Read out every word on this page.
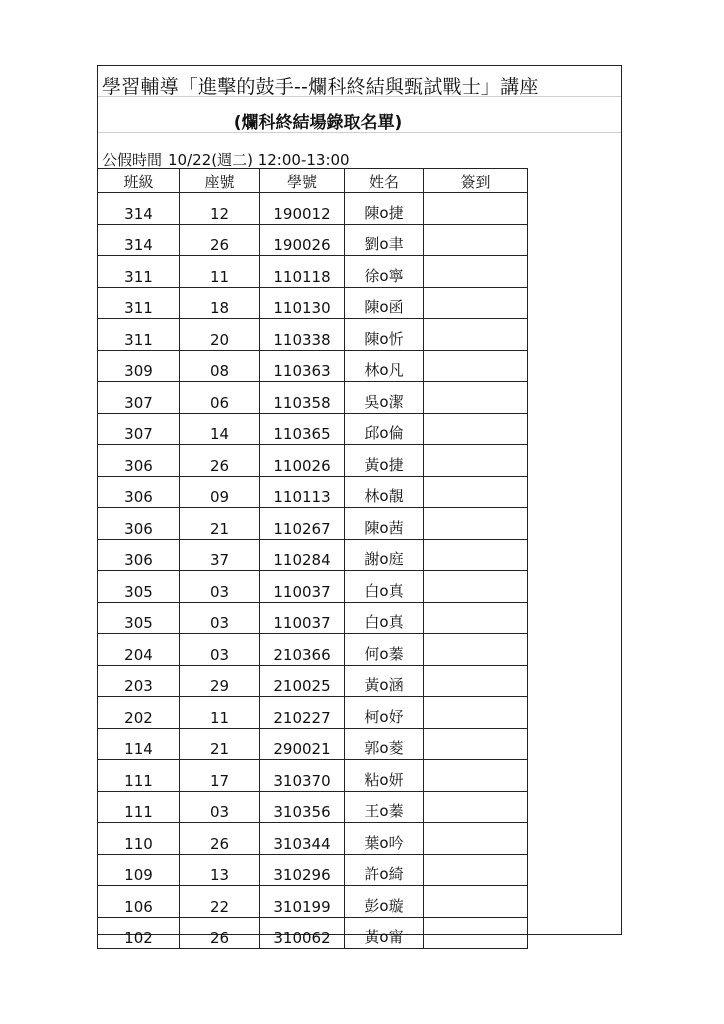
學習輔導「進擊的鼓手--爛科終結與甄試戰士」講座
(爛科終結場錄取名單)
公假時間 10/22(週二) 12:00-13:00
班級	座號	學號	姓名	簽到
314	12	190012	陳o捷	
314	26	190026	劉o聿	
311	11	110118	徐o寧	
311	18	110130	陳o函	
311	20	110338	陳o忻	
309	08	110363	林o凡	
307	06	110358	吳o潔	
307	14	110365	邱o倫	
306	26	110026	黃o捷	
306	09	110113	林o靚	
306	21	110267	陳o茜	
306	37	110284	謝o庭	
305	03	110037	白o真	
305	03	110037	白o真	
204	03	210366	何o蓁	
203	29	210025	黃o涵	
202	11	210227	柯o妤	
114	21	290021	郭o菱	
111	17	310370	粘o妍	
111	03	310356	王o蓁	
110	26	310344	葉o吟	
109	13	310296	許o綺	
106	22	310199	彭o璇	
102	26	310062	黃o甯	
